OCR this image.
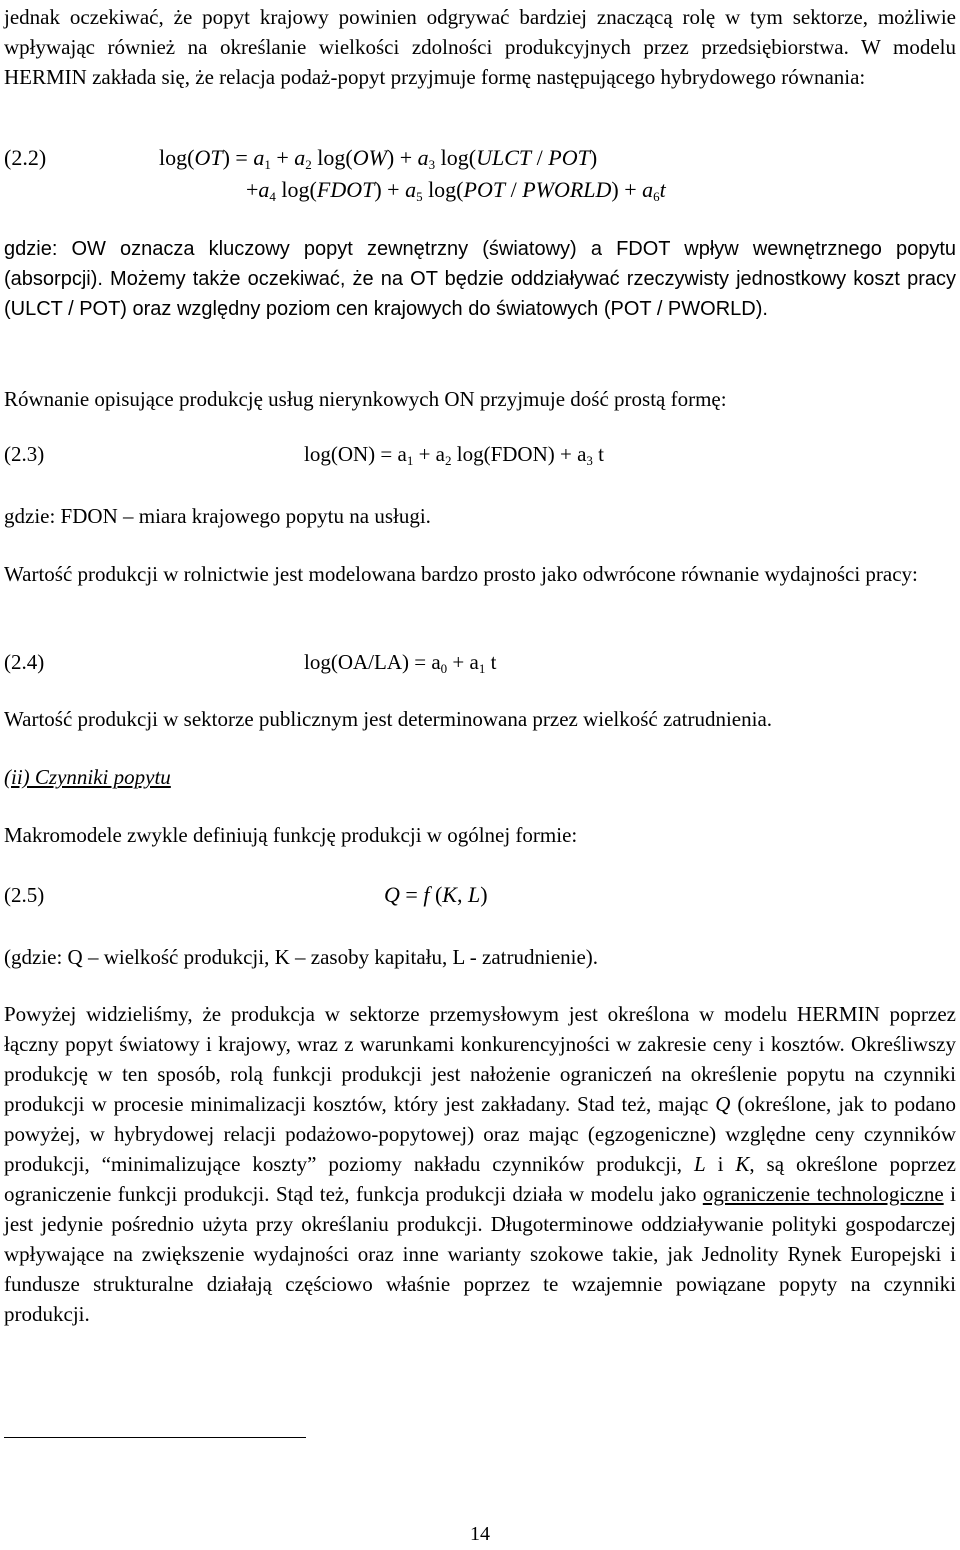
jednak oczekiwać, że popyt krajowy powinien odgrywać bardziej znaczącą rolę w tym sektorze, możliwie wpływając również na określanie wielkości zdolności produkcyjnych przez przedsiębiorstwa. W modelu HERMIN zakłada się, że relacja podaż-popyt przyjmuje formę następującego hybrydowego równania:

(2.2)	$\log(OT) = a_1 + a_2$ $\log(OW) + a_3$ log(ULCT / POT)
$+a_4$ log(FDOT) + $a_5$ log(POT / PWORLD) + $a_6t$

gdzie: OW oznacza kluczowy popyt zewnętrzny (światowy) a FDOT wpływ wewnętrznego popytu (absorpcji). Możemy także oczekiwać, że na OT będzie oddziaływać rzeczywisty jednostkowy koszt pracy (ULCT / POT) oraz względny poziom cen krajowych do światowych (POT / PWORLD).

Równanie opisujące produkcję usług nierynkowych ON przyjmuje dość prostą formę:

(2.3)	$\log(ON) = a_1 + a_2$ log(FDON) + $a_3$ t

gdzie: FDON – miara krajowego popytu na usługi.

Wartość produkcji w rolnictwie jest modelowana bardzo prosto jako odwrócone równanie wydajności pracy:

(2.4)	$\log(OA/LA) = a_0 + a_1$ t

Wartość produkcji w sektorze publicznym jest determinowana przez wielkość zatrudnienia.

(ii) Czynniki popytu

Makromodele zwykle definiują funkcję produkcji w ogólnej formie:

(2.5)	Q = f (K, L)

(gdzie: Q – wielkość produkcji, K – zasoby kapitału, L - zatrudnienie).

Powyżej widzieliśmy, że produkcja w sektorze przemysłowym jest określona w modelu HERMIN poprzez łączny popyt światowy i krajowy, wraz z warunkami konkurencyjności w zakresie ceny i kosztów. Określiwszy produkcję w ten sposób, rolą funkcji produkcji jest nałożenie ograniczeń na określenie popytu na czynniki produkcji w procesie minimalizacji kosztów, który jest zakładany. Stad też, mając Q (określone, jak to podano powyżej, w hybrydowej relacji podażowo-popytowej) oraz mając (egzogeniczne) względne ceny czynników produkcji, “minimalizujące koszty” poziomy nakładu czynników produkcji, L i K, są określone poprzez ograniczenie funkcji produkcji. Stąd też, funkcja produkcji działa w modelu jako ograniczenie technologiczne i jest jedynie pośrednio użyta przy określaniu produkcji. Długoterminowe oddziaływanie polityki gospodarczej wpływające na zwiększenie wydajności oraz inne warianty szokowe takie, jak Jednolity Rynek Europejski i fundusze strukturalne działają częściowo właśnie poprzez te wzajemnie powiązane popyty na czynniki produkcji.

14
